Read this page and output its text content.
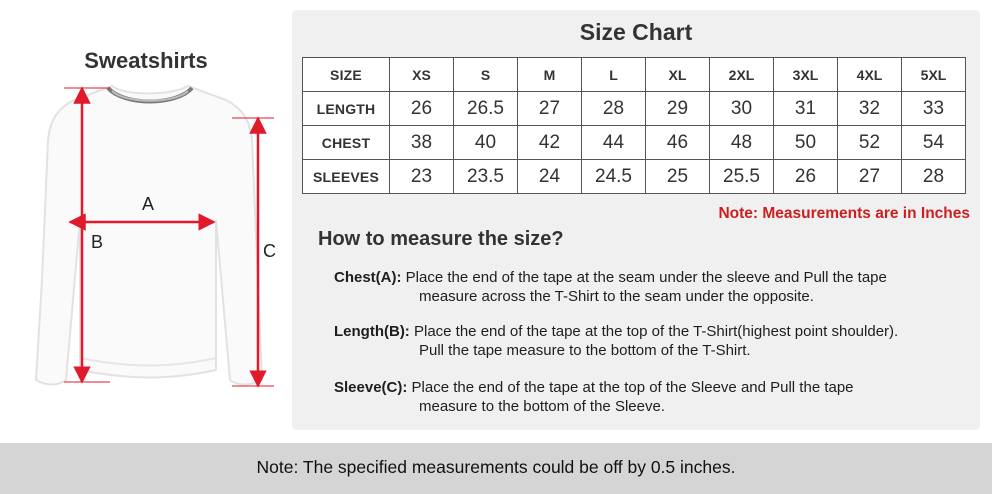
Sweatshirts
A
B	C
Size Chart
SIZE	XS	S	M	L	XL	2XL	3XL	4XL	5XL
LENGTH	26	26.5	27	28	29	30	31	32	33
CHEST	38	40	42	44	46	48	50	52	54
SLEEVES	23	23.5	24	24.5	25	25.5	26	27	28
Note: Measurements are in Inches
How to measure the size?
Chest(A): Place the end of the tape at the seam under the sleeve and Pull the tape
measure across the T-Shirt to the seam under the opposite.
Length(B): Place the end of the tape at the top of the T-Shirt(highest point shoulder).
Pull the tape measure to the bottom of the T-Shirt.
Sleeve(C): Place the end of the tape at the top of the Sleeve and Pull the tape
measure to the bottom of the Sleeve.
Note: The specified measurements could be off by 0.5 inches.
